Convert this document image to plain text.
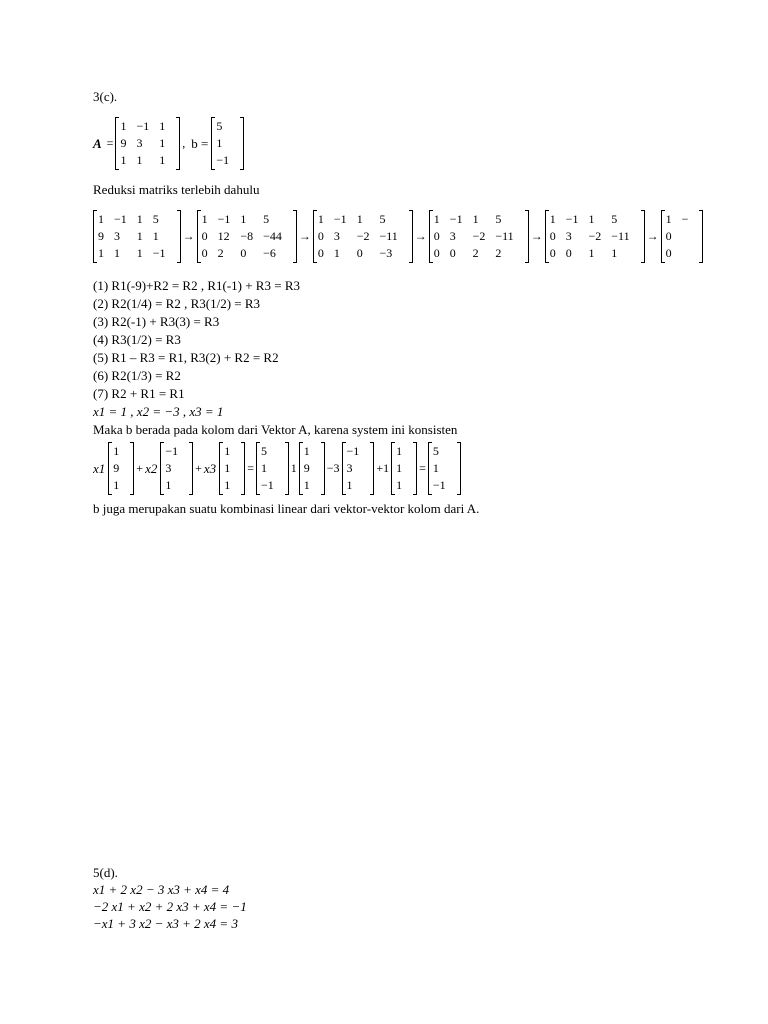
3(c).
A =
1 −1 1
9 3	1
1 1	1
, b =
5
1
−1
Reduksi matriks terlebih dahulu
1 −1 1 5
9 3	1 1
1 1	1 −1
→
1 −1 1	5
0 12 −8 −44
0 2	0	−6
→
1 −1 1	5
0 3	−2 −11
0 1	0	−3
→
1 −1 1	5
0 3	−2 −11
0 0	2	2
→
1 −1 1	5
0 3	−2 −11
0 0	1	1
→
1 −
0
0
(1) R1(-9)+R2 = R2 , R1(-1) + R3 = R3
(2) R2(1/4) = R2 , R3(1/2) = R3
(3) R2(-1) + R3(3) = R3
(4) R3(1/2) = R3
(5) R1 – R3 = R1, R3(2) + R2 = R2
(6) R2(1/3) = R2
(7) R2 + R1 = R1
x1 = 1 , x2 = −3 , x3 = 1
Maka b berada pada kolom dari Vektor A, karena system ini konsisten
x1
1
9
1
+ x2
−1
3
1
+ x3
1
1
1
=
5
1
−1
1
1
9
1
−3
−1
3
1
+1
1
1
1
=
5
1
−1
b juga merupakan suatu kombinasi linear dari vektor-vektor kolom dari A.
5(d).
x1 + 2 x2 − 3 x3 + x4 = 4
−2 x1 + x2 + 2 x3 + x4 = −1
−x1 + 3 x2 − x3 + 2 x4 = 3
